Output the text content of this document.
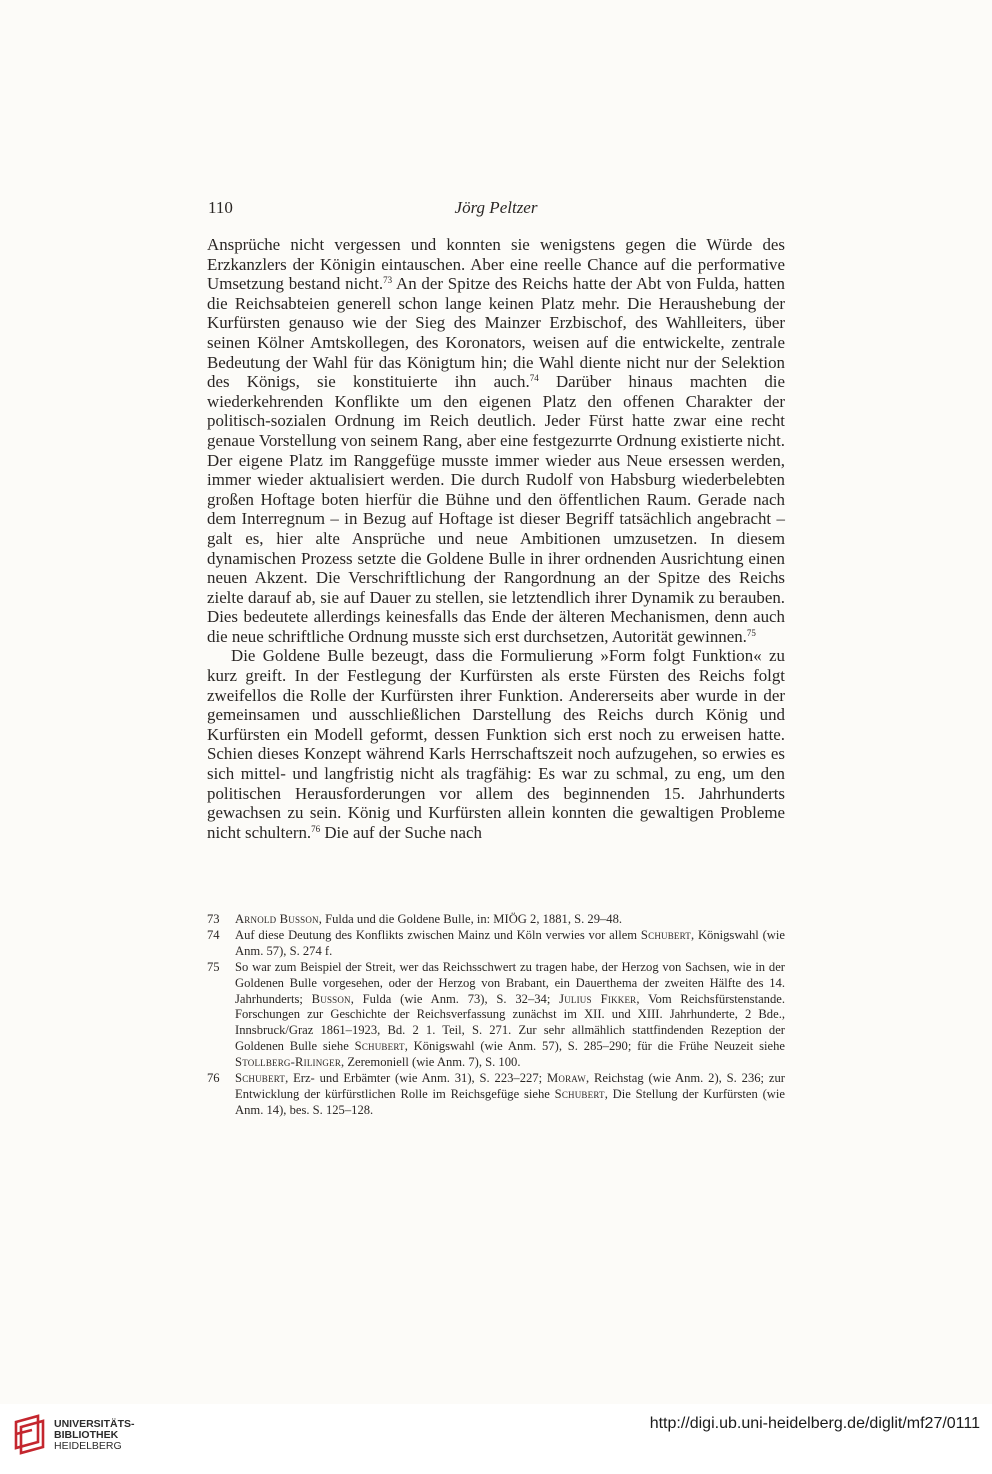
110	Jörg Peltzer

Ansprüche nicht vergessen und konnten sie wenigstens gegen die Würde des Erzkanzlers der Königin eintauschen. Aber eine reelle Chance auf die performative Umsetzung bestand nicht.$^{73}$ An der Spitze des Reichs hatte der Abt von Fulda, hatten die Reichsabteien generell schon lange keinen Platz mehr. Die Heraushebung der Kurfürsten genauso wie der Sieg des Mainzer Erzbischof, des Wahlleiters, über seinen Kölner Amtskollegen, des Koronators, weisen auf die entwickelte, zentrale Bedeutung der Wahl für das Königtum hin; die Wahl diente nicht nur der Selektion des Königs, sie konstituierte ihn auch.$^{74}$ Darüber hinaus machten die wiederkehrenden Konflikte um den eigenen Platz den offenen Charakter der politisch-sozialen Ordnung im Reich deutlich. Jeder Fürst hatte zwar eine recht genaue Vorstellung von seinem Rang, aber eine festgezurrte Ordnung existierte nicht. Der eigene Platz im Ranggefüge musste immer wieder aus Neue ersessen werden, immer wieder aktualisiert werden. Die durch Rudolf von Habsburg wiederbelebten großen Hoftage boten hierfür die Bühne und den öffentlichen Raum. Gerade nach dem Interregnum – in Bezug auf Hoftage ist dieser Begriff tatsächlich angebracht – galt es, hier alte Ansprüche und neue Ambitionen umzusetzen. In diesem dynamischen Prozess setzte die Goldene Bulle in ihrer ordnenden Ausrichtung einen neuen Akzent. Die Verschriftlichung der Rangordnung an der Spitze des Reichs zielte darauf ab, sie auf Dauer zu stellen, sie letztendlich ihrer Dynamik zu berauben. Dies bedeutete allerdings keinesfalls das Ende der älteren Mechanismen, denn auch die neue schriftliche Ordnung musste sich erst durchsetzen, Autorität gewinnen.$^{75}$

Die Goldene Bulle bezeugt, dass die Formulierung »Form folgt Funktion« zu kurz greift. In der Festlegung der Kurfürsten als erste Fürsten des Reichs folgt zweifellos die Rolle der Kurfürsten ihrer Funktion. Andererseits aber wurde in der gemeinsamen und ausschließlichen Darstellung des Reichs durch König und Kurfürsten ein Modell geformt, dessen Funktion sich erst noch zu erweisen hatte. Schien dieses Konzept während Karls Herrschaftszeit noch aufzugehen, so erwies es sich mittel- und langfristig nicht als tragfähig: Es war zu schmal, zu eng, um den politischen Herausforderungen vor allem des beginnenden 15. Jahrhunderts gewachsen zu sein. König und Kurfürsten allein konnten die gewaltigen Probleme nicht schultern.$^{76}$ Die auf der Suche nach

73	Arnold Busson, Fulda und die Goldene Bulle, in: MIÖG 2, 1881, S. 29–48.
74	Auf diese Deutung des Konflikts zwischen Mainz und Köln verwies vor allem Schubert, Königswahl (wie Anm. 57), S. 274 f.
75	So war zum Beispiel der Streit, wer das Reichsschwert zu tragen habe, der Herzog von Sachsen, wie in der Goldenen Bulle vorgesehen, oder der Herzog von Brabant, ein Dauerthema der zweiten Hälfte des 14. Jahrhunderts; Busson, Fulda (wie Anm. 73), S. 32–34; Julius Fikker, Vom Reichsfürstenstande. Forschungen zur Geschichte der Reichsverfassung zunächst im XII. und XIII. Jahrhunderte, 2 Bde., Innsbruck/Graz 1861–1923, Bd. 2 1. Teil, S. 271. Zur sehr allmählich stattfindenden Rezeption der Goldenen Bulle siehe Schubert, Königswahl (wie Anm. 57), S. 285–290; für die Frühe Neuzeit siehe Stollberg-Rilinger, Zeremoniell (wie Anm. 7), S. 100.
76	Schubert, Erz- und Erbämter (wie Anm. 31), S. 223–227; Moraw, Reichstag (wie Anm. 2), S. 236; zur Entwicklung der kürfürstlichen Rolle im Reichsgefüge siehe Schubert, Die Stellung der Kurfürsten (wie Anm. 14), bes. S. 125–128.
UNIVERSITÄTS-
BIBLIOTHEK
HEIDELBERG
http://digi.ub.uni-heidelberg.de/diglit/mf27/0111
